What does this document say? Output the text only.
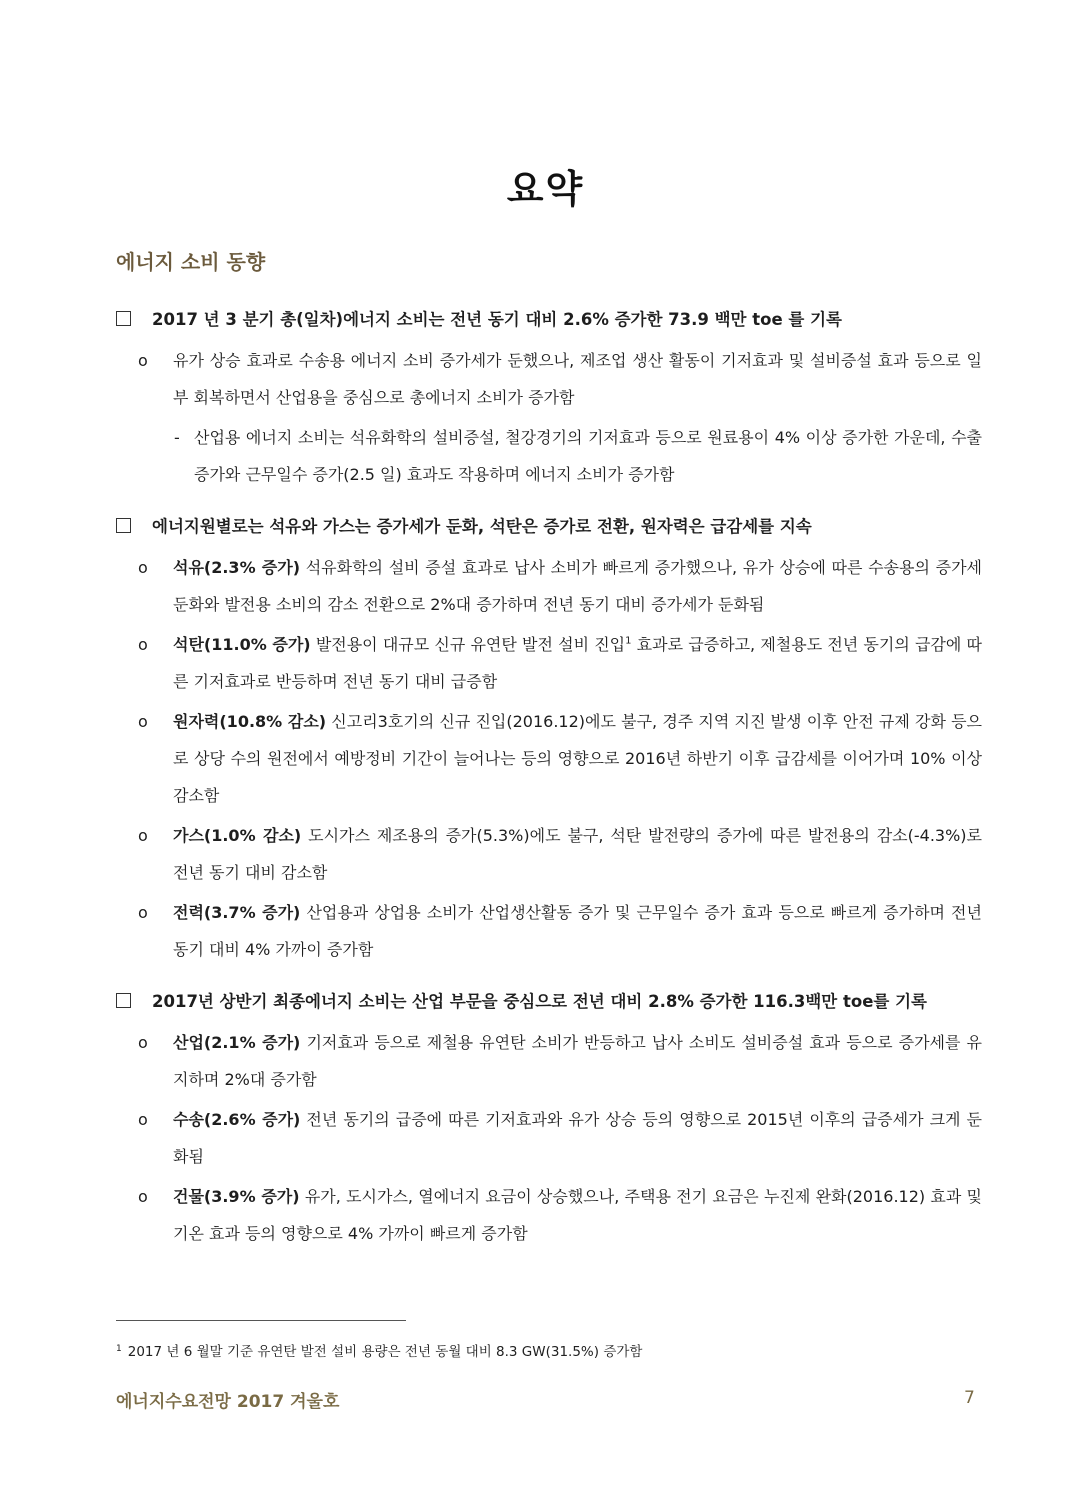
요약
에너지 소비 동향
2017 년 3 분기 총(일차)에너지 소비는 전년 동기 대비 2.6% 증가한 73.9 백만 toe 를 기록
o 유가 상승 효과로 수송용 에너지 소비 증가세가 둔했으나, 제조업 생산 활동이 기저효과 및 설비증설 효과 등으로 일부 회복하면서 산업용을 중심으로 총에너지 소비가 증가함
- 산업용 에너지 소비는 석유화학의 설비증설, 철강경기의 기저효과 등으로 원료용이 4% 이상 증가한 가운데, 수출 증가와 근무일수 증가(2.5 일) 효과도 작용하며 에너지 소비가 증가함
에너지원별로는 석유와 가스는 증가세가 둔화, 석탄은 증가로 전환, 원자력은 급감세를 지속
o 석유(2.3% 증가) 석유화학의 설비 증설 효과로 납사 소비가 빠르게 증가했으나, 유가 상승에 따른 수송용의 증가세 둔화와 발전용 소비의 감소 전환으로 2%대 증가하며 전년 동기 대비 증가세가 둔화됨
o 석탄(11.0% 증가) 발전용이 대규모 신규 유연탄 발전 설비 진입$^1$ 효과로 급증하고, 제철용도 전년 동기의 급감에 따른 기저효과로 반등하며 전년 동기 대비 급증함
o 원자력(10.8% 감소) 신고리3호기의 신규 진입(2016.12)에도 불구, 경주 지역 지진 발생 이후 안전 규제 강화 등으로 상당 수의 원전에서 예방정비 기간이 늘어나는 등의 영향으로 2016년 하반기 이후 급감세를 이어가며 10% 이상 감소함
o 가스(1.0% 감소) 도시가스 제조용의 증가(5.3%)에도 불구, 석탄 발전량의 증가에 따른 발전용의 감소(-4.3%)로 전년 동기 대비 감소함
o 전력(3.7% 증가) 산업용과 상업용 소비가 산업생산활동 증가 및 근무일수 증가 효과 등으로 빠르게 증가하며 전년 동기 대비 4% 가까이 증가함
2017년 상반기 최종에너지 소비는 산업 부문을 중심으로 전년 대비 2.8% 증가한 116.3백만 toe를 기록
o 산업(2.1% 증가) 기저효과 등으로 제철용 유연탄 소비가 반등하고 납사 소비도 설비증설 효과 등으로 증가세를 유지하며 2%대 증가함
o 수송(2.6% 증가) 전년 동기의 급증에 따른 기저효과와 유가 상승 등의 영향으로 2015년 이후의 급증세가 크게 둔화됨
o 건물(3.9% 증가) 유가, 도시가스, 열에너지 요금이 상승했으나, 주택용 전기 요금은 누진제 완화(2016.12) 효과 및 기온 효과 등의 영향으로 4% 가까이 빠르게 증가함
$^1$ 2017 년 6 월말 기준 유연탄 발전 설비 용량은 전년 동월 대비 8.3 GW(31.5%) 증가함
에너지수요전망 2017 겨울호	7
